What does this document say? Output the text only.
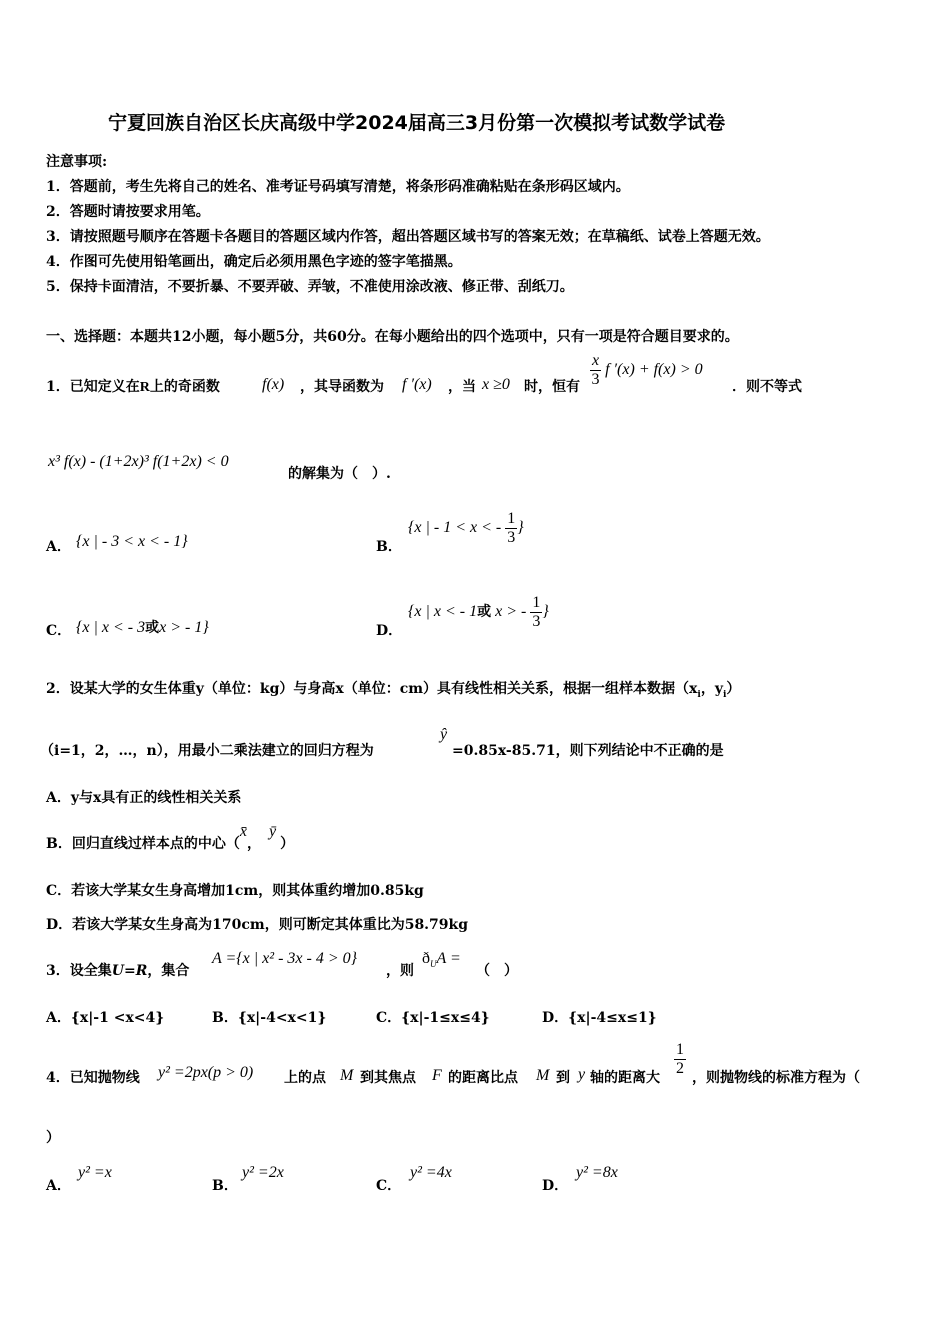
宁夏回族自治区长庆高级中学2024届高三3月份第一次模拟考试数学试卷
注意事项:
1．答题前，考生先将自己的姓名、准考证号码填写清楚，将条形码准确粘贴在条形码区域内。
2．答题时请按要求用笔。
3．请按照题号顺序在答题卡各题目的答题区域内作答，超出答题区域书写的答案无效；在草稿纸、试卷上答题无效。
4．作图可先使用铅笔画出，确定后必须用黑色字迹的签字笔描黑。
5．保持卡面清洁，不要折暴、不要弄破、弄皱，不准使用涂改液、修正带、刮纸刀。
一、选择题：本题共12小题，每小题5分，共60分。在每小题给出的四个选项中，只有一项是符合题目要求的。
1．已知定义在R上的奇函数	f(x) ，其导函数为 f ′(x) ，当 x ≥0 时，恒有 $\frac{x}{3}$ f ′(x) + f(x) > 0
．则不等式
x³ f(x) - (1+2x)³ f(1+2x) < 0
的解集为（　）.
A． {x | - 3 < x < - 1}	B．
{x | - 1 < x < - $\frac{1}{3}$ }
C． {x | x < - 3或x > - 1}	D．
{x | x < - 1或 x > - $\frac{1}{3}$ }
2．设某大学的女生体重y（单位：kg）与身高x（单位：cm）具有线性相关关系，根据一组样本数据（$x_i$，$y_i$）
（i=1，2，…，n），用最小二乘法建立的回归方程为
ŷ
=0.85x-85.71，则下列结论中不正确的是
A．y与x具有正的线性相关关系
B．回归直线过样本点的中心（x̄，ȳ）
C．若该大学某女生身高增加1cm，则其体重约增加0.85kg
D．若该大学某女生身高为170cm，则可断定其体重比为58.79kg
3．设全集U=R，集合
A ={x | x² - 3x - 4 > 0}
，则
$ð_UA$ =
（　）
A．{x|-1 <x<4}	B．{x|-4<x<1}	C．{x|-1≤x≤4}	D．{x|-4≤x≤1}
4．已知抛物线 y² =2px(p > 0) 上的点 M 到其焦点 F 的距离比点 M 到 y 轴的距离大 $\frac{1}{2}$ ，则抛物线的标准方程为（
）
A．
y² =x
B．
y² =2x
C．
y² =4x
D．
y² =8x
